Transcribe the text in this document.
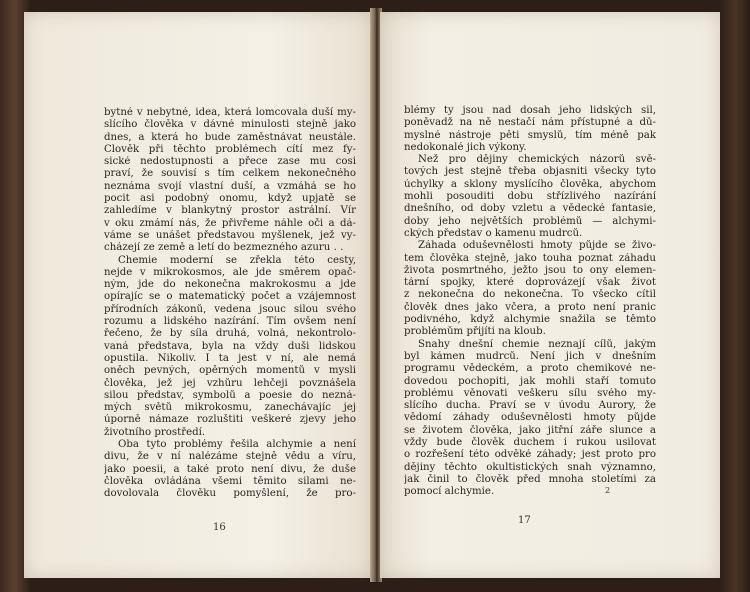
bytné v nebytné, idea, která lomcovala duší my-
slícího člověka v dávné minulosti stejně jako
dnes, a která ho bude zaměstnávat neustále.
Člověk při těchto problémech cítí mez fy-
sické nedostupnosti a přece zase mu cosi
praví, že souvisí s tím celkem nekonečného
neznáma svojí vlastní duší, a vzmáhá se ho
pocit asi podobný onomu, když upjatě se
zahledíme v blankytný prostor astrální. Vír
v oku zmámí nás, že přivřeme náhle oči a dá-
váme se unášet představou myšlenek, jež vy-
cházejí ze země a letí do bezmezného azuru . .
Chemie moderní se zřekla této cesty,
nejde v mikrokosmos, ale jde směrem opač-
ným, jde do nekonečna makrokosmu a jde
opírajíc se o matematický počet a vzájemnost
přírodních zákonů, vedena jsouc silou svého
rozumu a lidského nazírání. Tím ovšem není
řečeno, že by síla druhá, volná, nekontrolo-
vaná představa, byla na vždy duši lidskou
opustila. Nikoliv. I ta jest v ní, ale nemá
oněch pevných, opěrných momentů v mysli
člověka, jež jej vzhůru lehčeji povznášela
silou představ, symbolů a poesie do nezná-
mých světů mikrokosmu, zanechávajíc jej
úporně námaze rozluštiti veškeré zjevy jeho
životního prostředí.
Oba tyto problémy řešila alchymie a není
divu, že v ní nalézáme stejně vědu a víru,
jako poesii, a také proto není divu, že duše
člověka ovládána všemi těmito silami ne-
dovolovala člověku pomyšlení, že pro-
16
blémy ty jsou nad dosah jeho lidských sil,
poněvadž na ně nestačí nám přístupné a dů-
myslné nástroje pěti smyslů, tím méně pak
nedokonalé jich výkony.
Než pro dějiny chemických názorů svě-
tových jest stejně třeba objasniti všecky tyto
úchylky a sklony myslícího člověka, abychom
mohli posouditi dobu střízlivého nazírání
dnešního, od doby vzletu a vědecké fantasie,
doby jeho největších problémů — alchymi-
ckých představ o kamenu mudrců.
Záhada oduševnělosti hmoty půjde se živo-
tem člověka stejně, jako touha poznat záhadu
života posmrtného, ježto jsou to ony elemen-
tární spojky, které doprovázejí však život
z nekonečna do nekonečna. To všecko cítil
člověk dnes jako včera, a proto není pranic
podivného, když alchymie snažila se těmto
problémům přijíti na kloub.
Snahy dnešní chemie neznají cílů, jakým
byl kámen mudrců. Není jich v dnešním
programu vědeckém, a proto chemikové ne-
dovedou pochopiti, jak mohli staří tomuto
problému věnovati veškeru sílu svého my-
slícího ducha. Praví se v úvodu Aurory, že
vědomí záhady oduševnělosti hmoty půjde
se životem člověka, jako jitřní záře slunce a
vždy bude člověk duchem i rukou usilovat
o rozřešení této odvěké záhady; jest proto pro
dějiny těchto okultistických snah významno,
jak činil to člověk před mnoha stoletími za
pomocí alchymie.	2
17
